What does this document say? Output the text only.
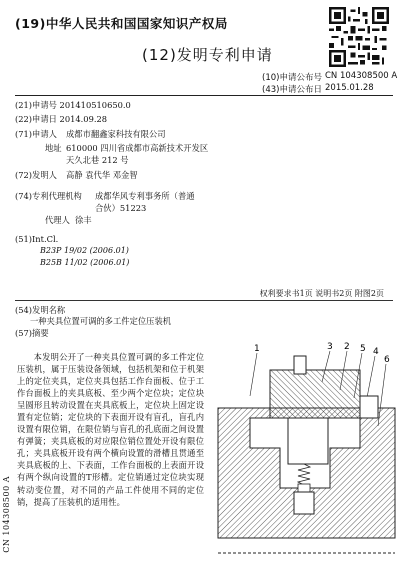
(19)中华人民共和国国家知识产权局
(12)发明专利申请
(10)申请公布号 CN 104308500 A
(43)申请公布日 2015.01.28
(21)申请号 201410510650.0
(22)申请日 2014.09.28
(71)申请人 成都市翻鑫家科技有限公司
地址 610000 四川省成都市高新技术开发区
天久北巷 212 号
(72)发明人 高静 袁代华 邓金智
(74)专利代理机构 成都华风专利事务所（普通
合伙）51223
代理人 徐丰
(51)Int.Cl.
B23P 19/02 (2006.01)
B25B 11/02 (2006.01)
权利要求书1页 说明书2页 附图2页
(54)发明名称
一种夹具位置可调的多工件定位压装机
(57)摘要
本发明公开了一种夹具位置可调的多工件定位压装机，属于压装设备领域，包括机架和位于机架上的定位夹具，定位夹具包括工作台面板、位于工作台面板上的夹具底板、至少两个定位块；定位块呈圆形且转动设置在夹具底板上，定位块上固定设置有定位销；定位块的下表面开设有盲孔，盲孔内设置有限位销，在限位销与盲孔的孔底面之间设置有弹簧；夹具底板的对应限位销位置处开设有限位孔；夹具底板开设有两个横向设置的滑槽且贯通至夹具底板的上、下表面，工作台面板的上表面开设有两个纵向设置的T形槽。定位销通过定位块实现转动变位置，对不同的产品工件使用不同的定位销，提高了压装机的适用性。
CN 104308500 A
1	3 2 5 4
6
